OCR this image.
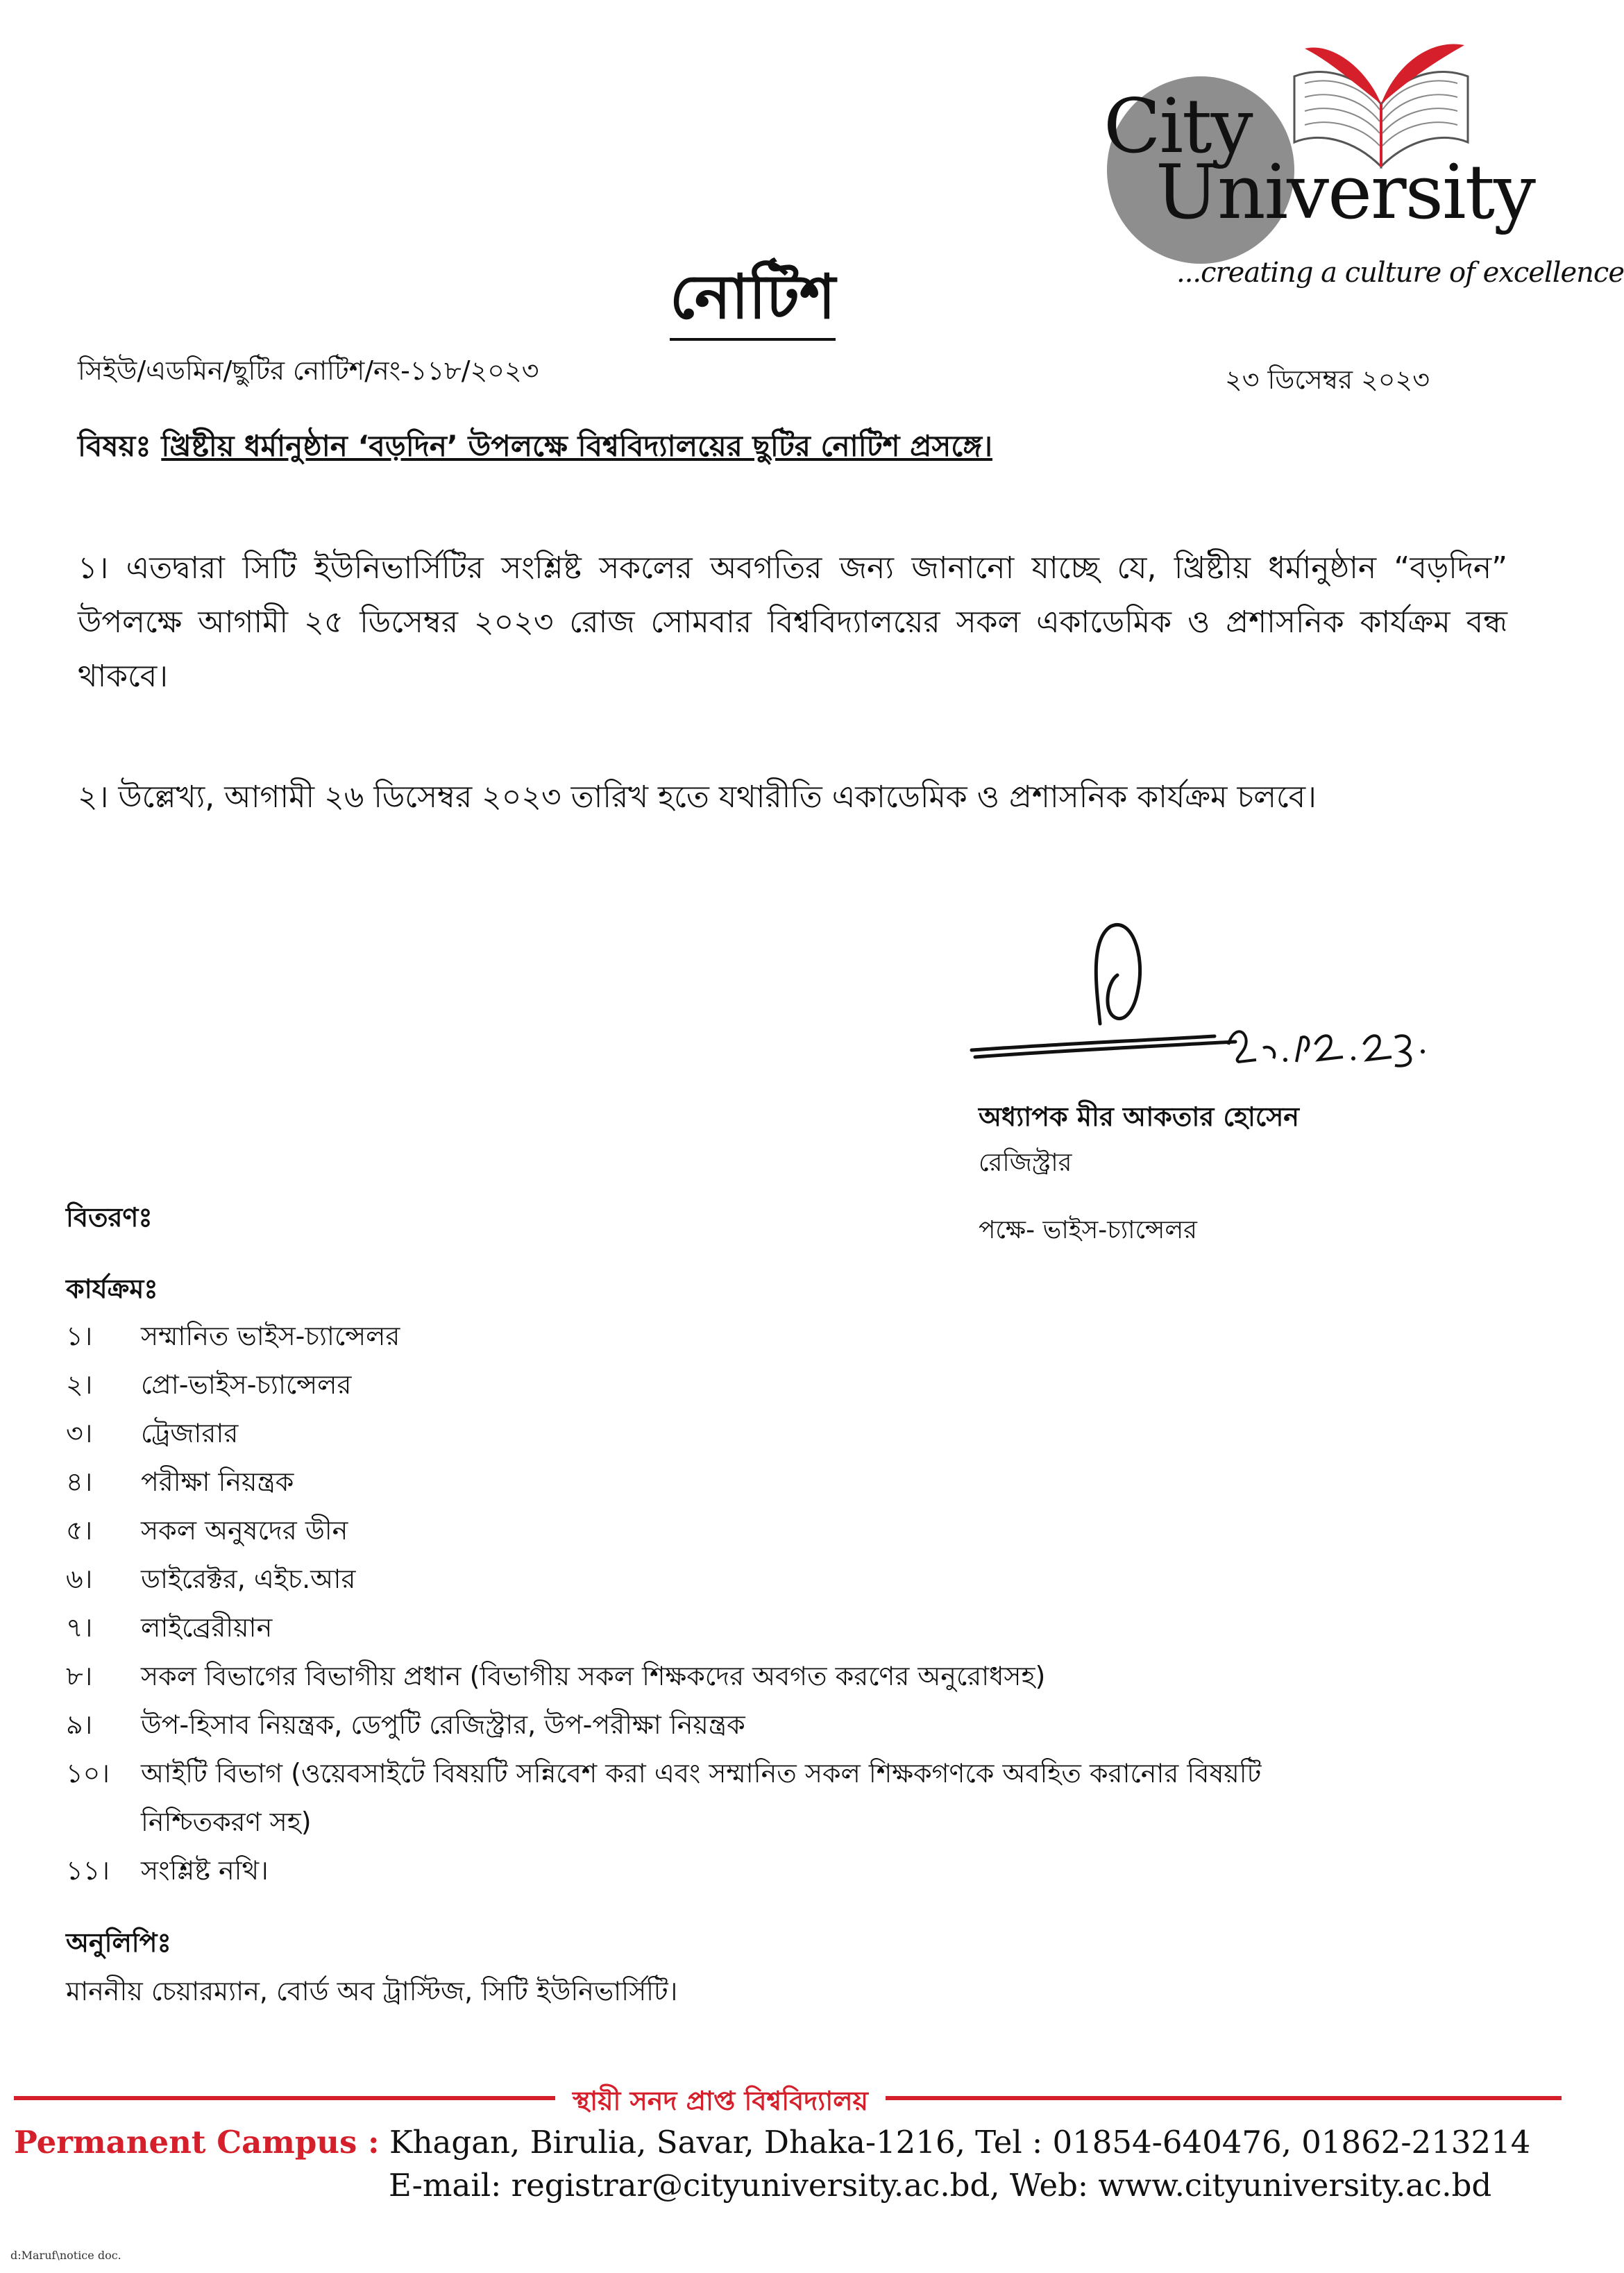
City
University
...creating a culture of excellence
নোটিশ
সিইউ/এডমিন/ছুটির নোটিশ/নং-১১৮/২০২৩	২৩ ডিসেম্বর ২০২৩
বিষয়ঃ খ্রিষ্টীয় ধর্মানুষ্ঠান ‘বড়দিন’ উপলক্ষে বিশ্ববিদ্যালয়ের ছুটির নোটিশ প্রসঙ্গে।
১। এতদ্বারা সিটি ইউনিভার্সিটির সংশ্লিষ্ট সকলের অবগতির জন্য জানানো যাচ্ছে যে, খ্রিষ্টীয় ধর্মানুষ্ঠান “বড়দিন” উপলক্ষে আগামী ২৫ ডিসেম্বর ২০২৩ রোজ সোমবার বিশ্ববিদ্যালয়ের সকল একাডেমিক ও প্রশাসনিক কার্যক্রম বন্ধ থাকবে।
২। উল্লেখ্য, আগামী ২৬ ডিসেম্বর ২০২৩ তারিখ হতে যথারীতি একাডেমিক ও প্রশাসনিক কার্যক্রম চলবে।
অধ্যাপক মীর আকতার হোসেন
রেজিস্ট্রার
পক্ষে- ভাইস-চ্যান্সেলর
বিতরণঃ
কার্যক্রমঃ
১।	সম্মানিত ভাইস-চ্যান্সেলর
২।	প্রো-ভাইস-চ্যান্সেলর
৩।	ট্রেজারার
৪।	পরীক্ষা নিয়ন্ত্রক
৫।	সকল অনুষদের ডীন
৬।	ডাইরেক্টর, এইচ.আর
৭।	লাইব্রেরীয়ান
৮।	সকল বিভাগের বিভাগীয় প্রধান (বিভাগীয় সকল শিক্ষকদের অবগত করণের অনুরোধসহ)
৯।	উপ-হিসাব নিয়ন্ত্রক, ডেপুটি রেজিস্ট্রার, উপ-পরীক্ষা নিয়ন্ত্রক
১০।	আইটি বিভাগ (ওয়েবসাইটে বিষয়টি সন্নিবেশ করা এবং সম্মানিত সকল শিক্ষকগণকে অবহিত করানোর বিষয়টি নিশ্চিতকরণ সহ)
১১।	সংশ্লিষ্ট নথি।
অনুলিপিঃ
মাননীয় চেয়ারম্যান, বোর্ড অব ট্রাস্টিজ, সিটি ইউনিভার্সিটি।
স্থায়ী সনদ প্রাপ্ত বিশ্ববিদ্যালয়
Permanent Campus : Khagan, Birulia, Savar, Dhaka-1216, Tel : 01854-640476, 01862-213214
E-mail: registrar@cityuniversity.ac.bd, Web: www.cityuniversity.ac.bd
d:Maruf\notice doc.
